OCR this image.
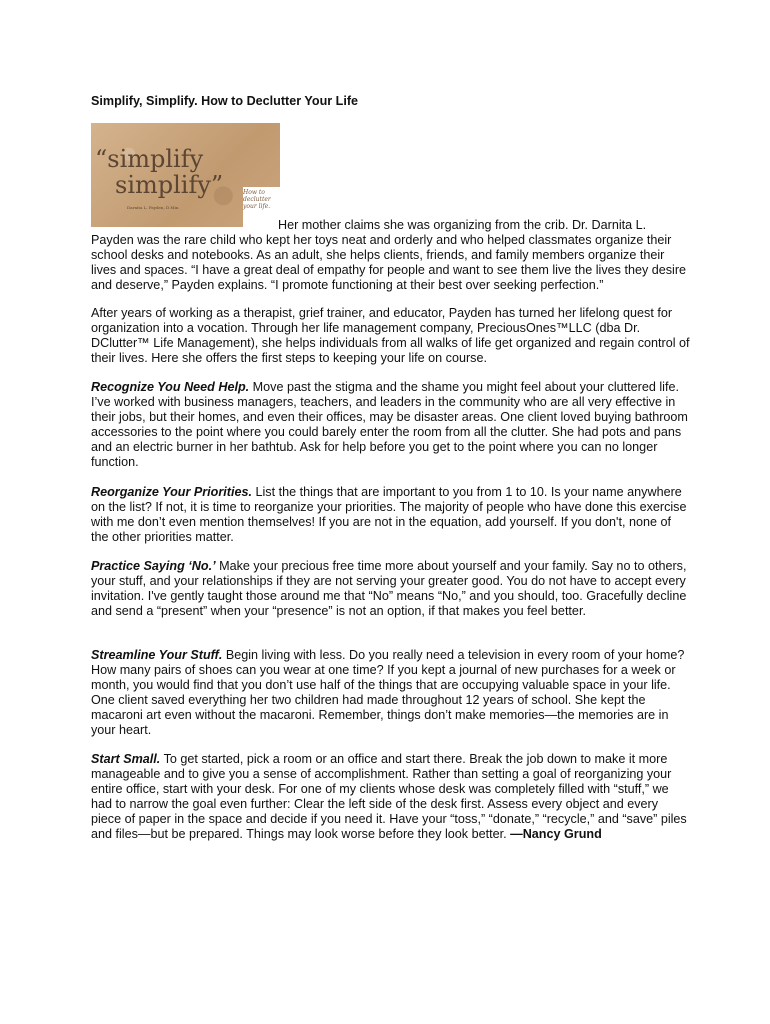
Simplify, Simplify. How to Declutter Your Life
“simplify
simplify”
Darnita L. Payden, D.Min.
How to declutter your life.

Her mother claims she was organizing from the crib. Dr. Darnita L. Payden was the rare child who kept her toys neat and orderly and who helped classmates organize their school desks and notebooks. As an adult, she helps clients, friends, and family members organize their lives and spaces. “I have a great deal of empathy for people and want to see them live the lives they desire and deserve,” Payden explains. “I promote functioning at their best over seeking perfection.”

After years of working as a therapist, grief trainer, and educator, Payden has turned her lifelong quest for organization into a vocation. Through her life management company, PreciousOnes™LLC (dba Dr. DClutter™ Life Management), she helps individuals from all walks of life get organized and regain control of their lives. Here she offers the first steps to keeping your life on course.

Recognize You Need Help. Move past the stigma and the shame you might feel about your cluttered life. I’ve worked with business managers, teachers, and leaders in the community who are all very effective in their jobs, but their homes, and even their offices, may be disaster areas. One client loved buying bathroom accessories to the point where you could barely enter the room from all the clutter. She had pots and pans and an electric burner in her bathtub. Ask for help before you get to the point where you can no longer function.

Reorganize Your Priorities. List the things that are important to you from 1 to 10. Is your name anywhere on the list? If not, it is time to reorganize your priorities. The majority of people who have done this exercise with me don’t even mention themselves! If you are not in the equation, add yourself. If you don't, none of the other priorities matter.

Practice Saying ‘No.’ Make your precious free time more about yourself and your family. Say no to others, your stuff, and your relationships if they are not serving your greater good. You do not have to accept every invitation. I've gently taught those around me that “No” means “No,” and you should, too. Gracefully decline and send a “present” when your “presence” is not an option, if that makes you feel better.

Streamline Your Stuff. Begin living with less. Do you really need a television in every room of your home? How many pairs of shoes can you wear at one time? If you kept a journal of new purchases for a week or month, you would find that you don’t use half of the things that are occupying valuable space in your life. One client saved everything her two children had made throughout 12 years of school. She kept the macaroni art even without the macaroni. Remember, things don’t make memories—the memories are in your heart.

Start Small. To get started, pick a room or an office and start there. Break the job down to make it more manageable and to give you a sense of accomplishment. Rather than setting a goal of reorganizing your entire office, start with your desk. For one of my clients whose desk was completely filled with “stuff,” we had to narrow the goal even further: Clear the left side of the desk first. Assess every object and every piece of paper in the space and decide if you need it. Have your “toss,” “donate,” “recycle,” and “save” piles and files—but be prepared. Things may look worse before they look better. —Nancy Grund
